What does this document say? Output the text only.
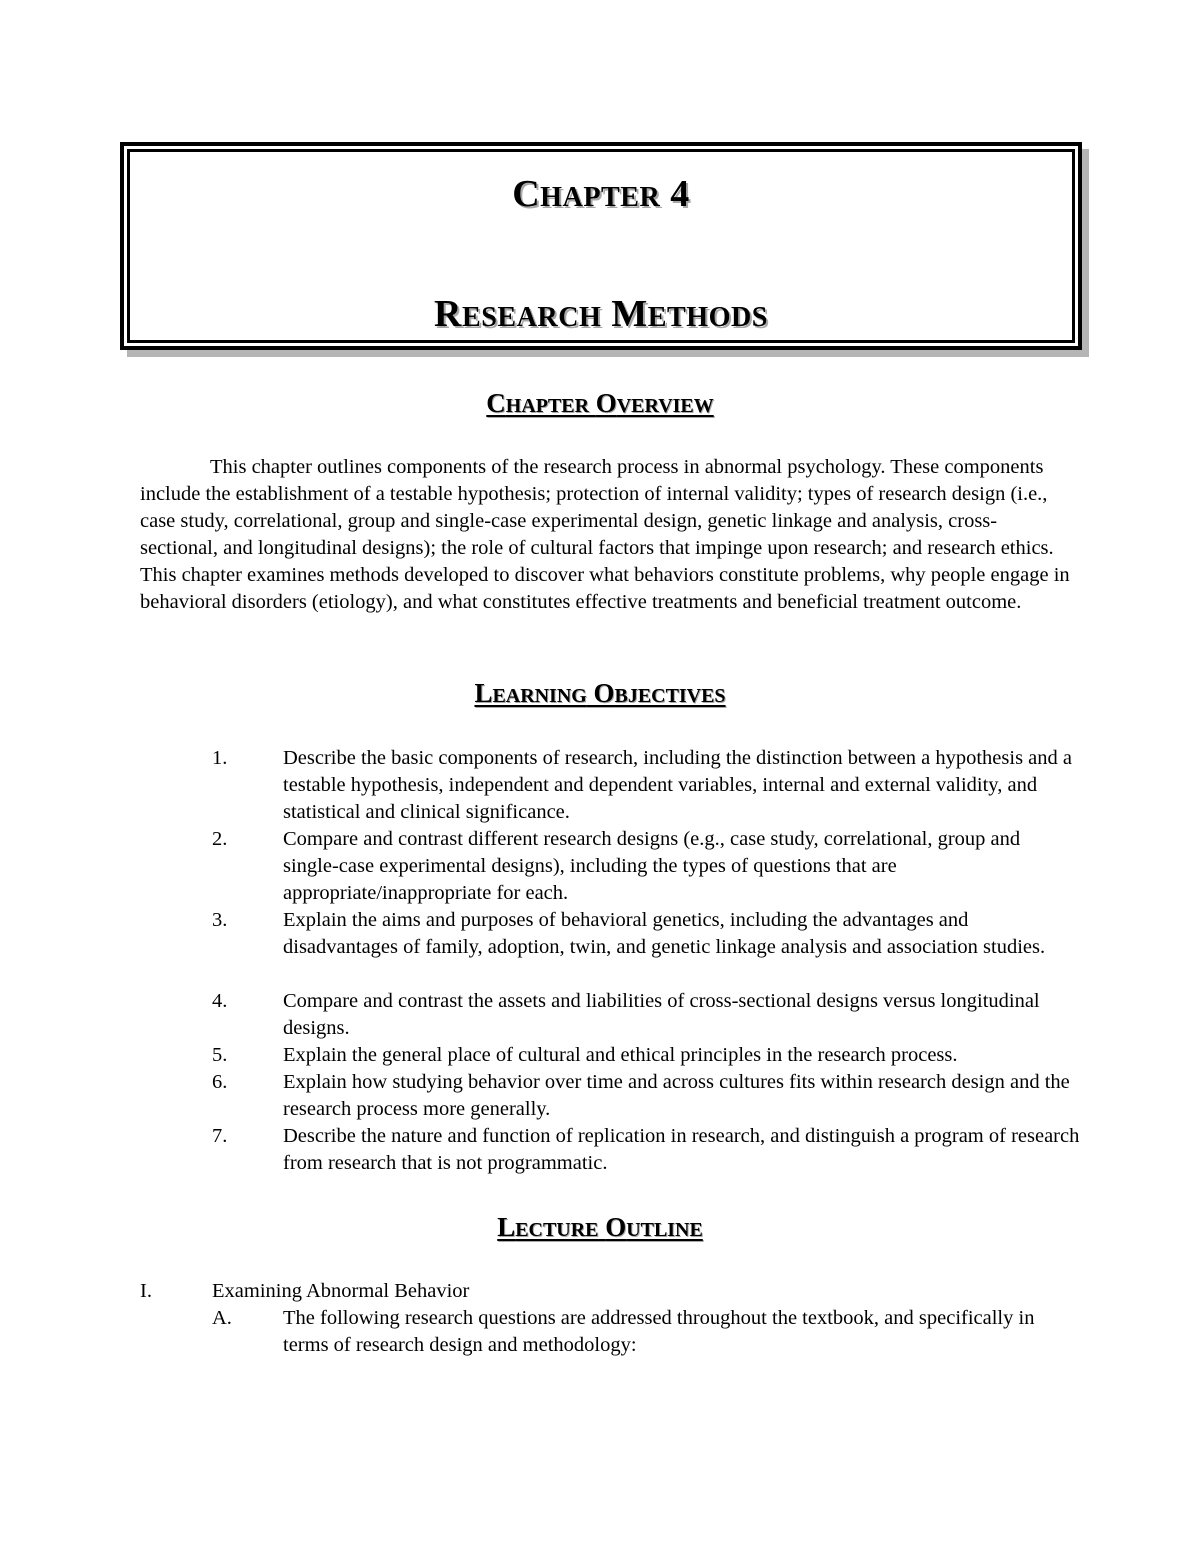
CHAPTER 4
RESEARCH METHODS
CHAPTER OVERVIEW
This chapter outlines components of the research process in abnormal psychology. These components include the establishment of a testable hypothesis; protection of internal validity; types of research design (i.e., case study, correlational, group and single-case experimental design, genetic linkage and analysis, cross-sectional, and longitudinal designs); the role of cultural factors that impinge upon research; and research ethics. This chapter examines methods developed to discover what behaviors constitute problems, why people engage in behavioral disorders (etiology), and what constitutes effective treatments and beneficial treatment outcome.
LEARNING OBJECTIVES
1.	Describe the basic components of research, including the distinction between a hypothesis and a testable hypothesis, independent and dependent variables, internal and external validity, and statistical and clinical significance.
2.	Compare and contrast different research designs (e.g., case study, correlational, group and single-case experimental designs), including the types of questions that are appropriate/inappropriate for each.
3.	Explain the aims and purposes of behavioral genetics, including the advantages and disadvantages of family, adoption, twin, and genetic linkage analysis and association studies.
4.	Compare and contrast the assets and liabilities of cross-sectional designs versus longitudinal designs.
5.	Explain the general place of cultural and ethical principles in the research process.
6.	Explain how studying behavior over time and across cultures fits within research design and the research process more generally.
7.	Describe the nature and function of replication in research, and distinguish a program of research from research that is not programmatic.
LECTURE OUTLINE
I.	Examining Abnormal Behavior
A. The following research questions are addressed throughout the textbook, and specifically in terms of research design and methodology:
